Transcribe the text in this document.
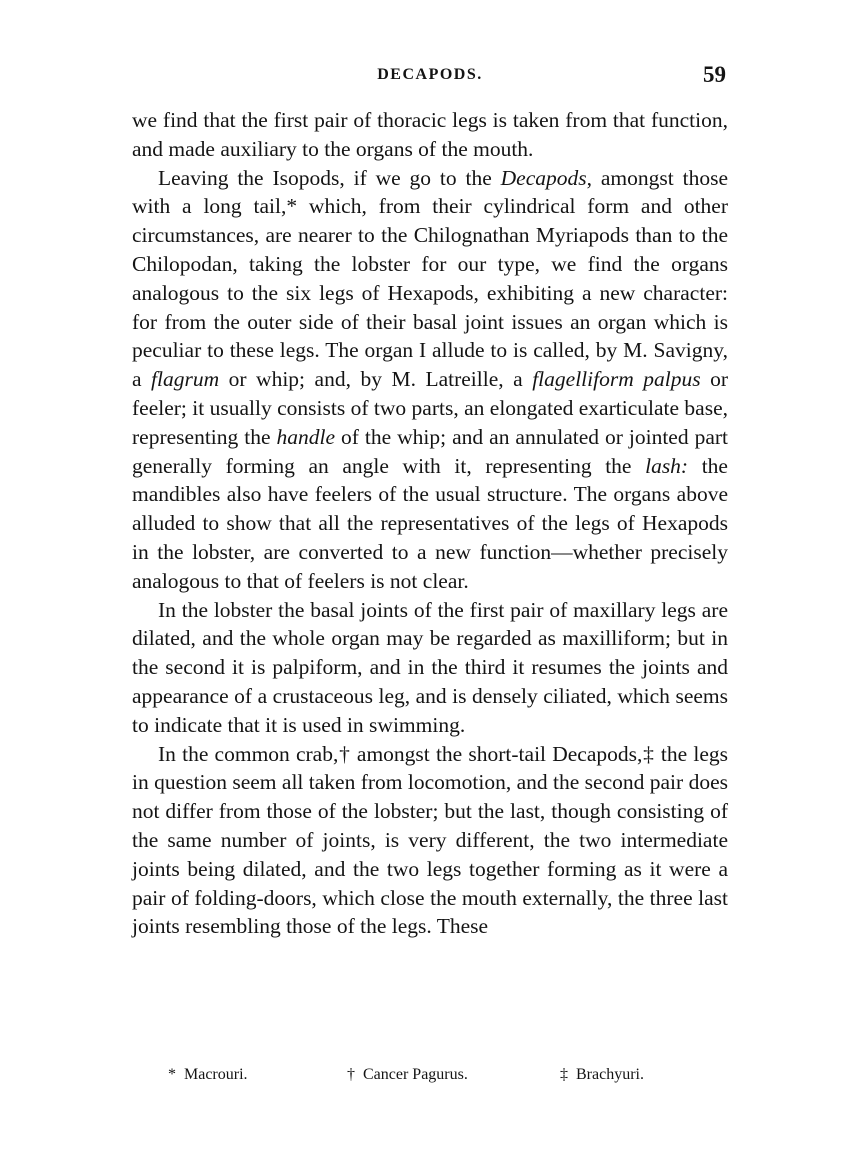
DECAPODS.	59

we find that the first pair of thoracic legs is taken from that function, and made auxiliary to the organs of the mouth.

Leaving the Isopods, if we go to the Decapods, amongst those with a long tail,* which, from their cylindrical form and other circumstances, are nearer to the Chilognathan Myriapods than to the Chilopodan, taking the lobster for our type, we find the organs analogous to the six legs of Hexapods, exhibiting a new character: for from the outer side of their basal joint issues an organ which is peculiar to these legs. The organ I allude to is called, by M. Savigny, a flagrum or whip; and, by M. Latreille, a flagelliform palpus or feeler; it usually consists of two parts, an elongated exarticulate base, representing the handle of the whip; and an annulated or jointed part generally forming an angle with it, representing the lash: the mandibles also have feelers of the usual structure. The organs above alluded to show that all the representatives of the legs of Hexapods in the lobster, are converted to a new function—whether precisely analogous to that of feelers is not clear.

In the lobster the basal joints of the first pair of maxillary legs are dilated, and the whole organ may be regarded as maxilliform; but in the second it is palpiform, and in the third it resumes the joints and appearance of a crustaceous leg, and is densely ciliated, which seems to indicate that it is used in swimming.

In the common crab,† amongst the short-tail Decapods,‡ the legs in question seem all taken from locomotion, and the second pair does not differ from those of the lobster; but the last, though consisting of the same number of joints, is very different, the two intermediate joints being dilated, and the two legs together forming as it were a pair of folding-doors, which close the mouth externally, the three last joints resembling those of the legs. These

* Macrouri.	† Cancer Pagurus.	‡ Brachyuri.
